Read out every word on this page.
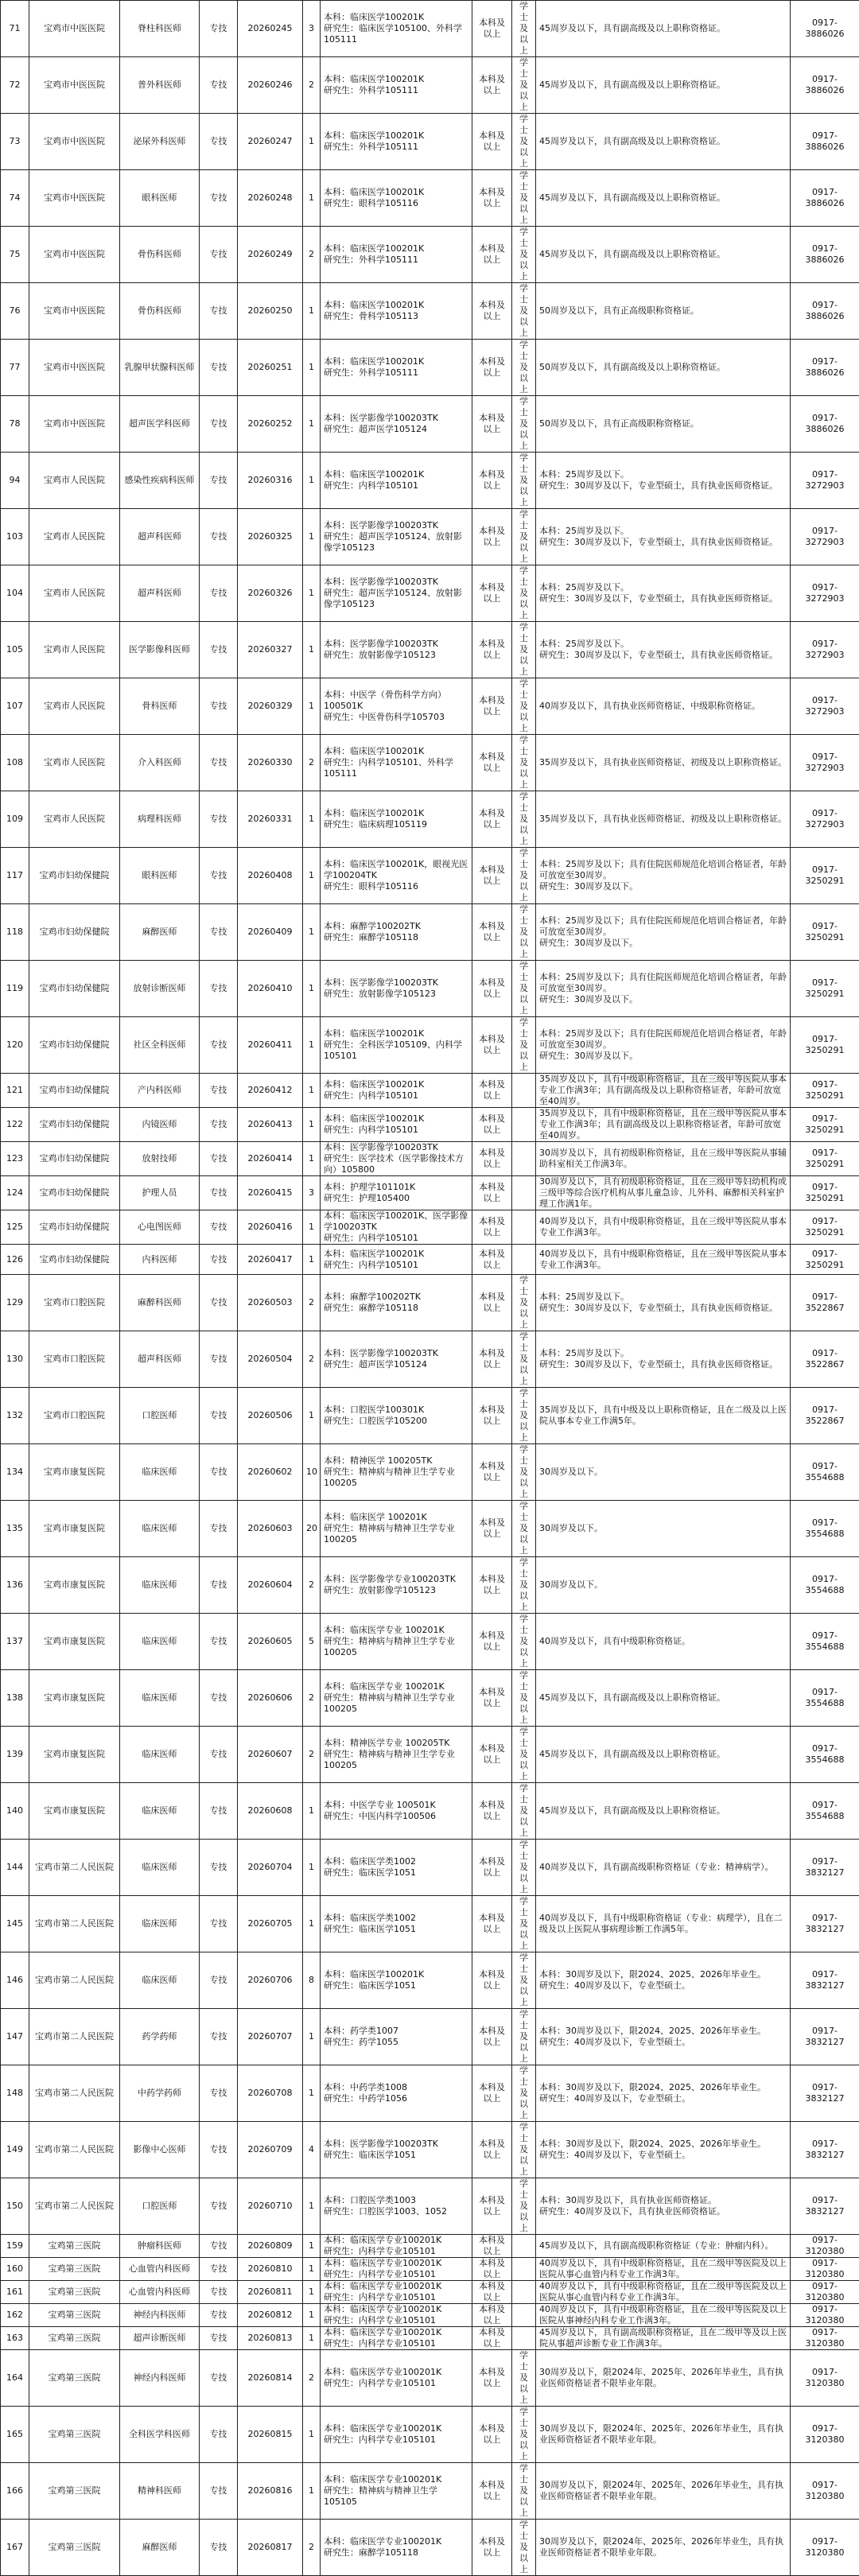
71	宝鸡市中医医院	脊柱科医师	专技	20260245	3	本科：临床医学100201K
研究生：临床医学105100、外科学105111	本科及以上	学士及以上	45周岁及以下，具有副高级及以上职称资格证。	0917-3886026
72	宝鸡市中医医院	普外科医师	专技	20260246	2	本科：临床医学100201K
研究生：外科学105111	本科及以上	学士及以上	45周岁及以下，具有副高级及以上职称资格证。	0917-3886026
73	宝鸡市中医医院	泌尿外科医师	专技	20260247	1	本科：临床医学100201K
研究生：外科学105111	本科及以上	学士及以上	45周岁及以下，具有副高级及以上职称资格证。	0917-3886026
74	宝鸡市中医医院	眼科医师	专技	20260248	1	本科：临床医学100201K
研究生：眼科学105116	本科及以上	学士及以上	45周岁及以下，具有副高级及以上职称资格证。	0917-3886026
75	宝鸡市中医医院	骨伤科医师	专技	20260249	2	本科：临床医学100201K
研究生：外科学105111	本科及以上	学士及以上	45周岁及以下，具有副高级及以上职称资格证。	0917-3886026
76	宝鸡市中医医院	骨伤科医师	专技	20260250	1	本科：临床医学100201K
研究生：骨科学105113	本科及以上	学士及以上	50周岁及以下，具有正高级职称资格证。	0917-3886026
77	宝鸡市中医医院	乳腺甲状腺科医师	专技	20260251	1	本科：临床医学100201K
研究生：外科学105111	本科及以上	学士及以上	50周岁及以下，具有副高级及以上职称资格证。	0917-3886026
78	宝鸡市中医医院	超声医学科医师	专技	20260252	1	本科：医学影像学100203TK
研究生：超声医学105124	本科及以上	学士及以上	50周岁及以下，具有正高级职称资格证。	0917-3886026
94	宝鸡市人民医院	感染性疾病科医师	专技	20260316	1	本科：临床医学100201K
研究生：内科学105101	本科及以上	学士及以上	本科：25周岁及以下。
研究生：30周岁及以下，专业型硕士，具有执业医师资格证。	0917-3272903
103	宝鸡市人民医院	超声科医师	专技	20260325	1	本科：医学影像学100203TK
研究生：超声医学105124、放射影像学105123	本科及以上	学士及以上	本科：25周岁及以下。
研究生：30周岁及以下，专业型硕士，具有执业医师资格证。	0917-3272903
104	宝鸡市人民医院	超声科医师	专技	20260326	1	本科：医学影像学100203TK
研究生：超声医学105124、放射影像学105123	本科及以上	学士及以上	本科：25周岁及以下。
研究生：30周岁及以下，专业型硕士，具有执业医师资格证。	0917-3272903
105	宝鸡市人民医院	医学影像科医师	专技	20260327	1	本科：医学影像学100203TK
研究生：放射影像学105123	本科及以上	学士及以上	本科：25周岁及以下。
研究生：30周岁及以下，专业型硕士，具有执业医师资格证。	0917-3272903
107	宝鸡市人民医院	骨科医师	专技	20260329	1	本科：中医学（骨伤科学方向）100501K
研究生：中医骨伤科学105703	本科及以上	学士及以上	40周岁及以下，具有执业医师资格证、中级职称资格证。	0917-3272903
108	宝鸡市人民医院	介入科医师	专技	20260330	2	本科：临床医学100201K
研究生：内科学105101、外科学105111	本科及以上	学士及以上	35周岁及以下，具有执业医师资格证、初级及以上职称资格证。	0917-3272903
109	宝鸡市人民医院	病理科医师	专技	20260331	1	本科：临床医学100201K
研究生：临床病理105119	本科及以上	学士及以上	35周岁及以下，具有执业医师资格证、初级及以上职称资格证。	0917-3272903
117	宝鸡市妇幼保健院	眼科医师	专技	20260408	1	本科：临床医学100201K，眼视光医学100204TK
研究生：眼科学105116	本科及以上	学士及以上	本科：25周岁及以下；具有住院医师规范化培训合格证者，年龄可放宽至30周岁。
研究生：30周岁及以下。	0917-3250291
118	宝鸡市妇幼保健院	麻醉医师	专技	20260409	1	本科：麻醉学100202TK
研究生：麻醉学105118	本科及以上	学士及以上	本科：25周岁及以下；具有住院医师规范化培训合格证者，年龄可放宽至30周岁。
研究生：30周岁及以下。	0917-3250291
119	宝鸡市妇幼保健院	放射诊断医师	专技	20260410	1	本科：医学影像学100203TK
研究生：放射影像学105123	本科及以上	学士及以上	本科：25周岁及以下；具有住院医师规范化培训合格证者，年龄可放宽至30周岁。
研究生：30周岁及以下。	0917-3250291
120	宝鸡市妇幼保健院	社区全科医师	专技	20260411	1	本科：临床医学100201K
研究生：全科医学105109、内科学105101	本科及以上	学士及以上	本科：25周岁及以下；具有住院医师规范化培训合格证者，年龄可放宽至30周岁。
研究生：30周岁及以下。	0917-3250291
121	宝鸡市妇幼保健院	产内科医师	专技	20260412	1	本科：临床医学100201K
研究生：内科学105101	本科及以上		35周岁及以下，具有中级职称资格证，且在三级甲等医院从事本专业工作满3年；具有副高级及以上职称资格证者，年龄可放宽至40周岁。	0917-3250291
122	宝鸡市妇幼保健院	内镜医师	专技	20260413	1	本科：临床医学100201K
研究生：内科学105101	本科及以上		35周岁及以下，具有中级职称资格证，且在三级甲等医院从事本专业工作满3年；具有副高级及以上职称资格证者，年龄可放宽至40周岁。	0917-3250291
123	宝鸡市妇幼保健院	放射技师	专技	20260414	1	本科：医学影像学100203TK
研究生：医学技术（医学影像技术方向）105800	本科及以上		30周岁及以下，具有初级职称资格证，且在三级甲等医院从事辅助科室相关工作满3年。	0917-3250291
124	宝鸡市妇幼保健院	护理人员	专技	20260415	3	本科：护理学101101K
研究生：护理105400	本科及以上		30周岁及以下，具有初级职称资格证，且在三级甲等妇幼机构或三级甲等综合医疗机构从事儿童急诊、儿外科、麻醉相关科室护理工作满1年。	0917-3250291
125	宝鸡市妇幼保健院	心电图医师	专技	20260416	1	本科：临床医学100201K、医学影像学100203TK
研究生：内科学105101	本科及以上		40周岁及以下，具有中级职称资格证，且在三级甲等医院从事本专业工作满3年。	0917-3250291
126	宝鸡市妇幼保健院	内科医师	专技	20260417	1	本科：临床医学100201K
研究生：内科学105101	本科及以上		40周岁及以下，具有中级职称资格证，且在三级甲等医院从事本专业工作满3年。	0917-3250291
129	宝鸡市口腔医院	麻醉科医师	专技	20260503	2	本科：麻醉学100202TK
研究生：麻醉学105118	本科及以上	学士及以上	本科：25周岁及以下。
研究生：30周岁及以下，专业型硕士，具有执业医师资格证。	0917-3522867
130	宝鸡市口腔医院	超声科医师	专技	20260504	2	本科：医学影像学100203TK
研究生：超声医学105124	本科及以上	学士及以上	本科：25周岁及以下。
研究生：30周岁及以下，专业型硕士，具有执业医师资格证。	0917-3522867
132	宝鸡市口腔医院	口腔医师	专技	20260506	1	本科：口腔医学100301K
研究生：口腔医学105200	本科及以上	学士及以上	35周岁及以下，具有中级及以上职称资格证，且在二级及以上医院从事本专业工作满5年。	0917-3522867
134	宝鸡市康复医院	临床医师	专技	20260602	10	本科：精神医学 100205TK
研究生：精神病与精神卫生学专业100205	本科及以上	学士及以上	30周岁及以下。	0917-3554688
135	宝鸡市康复医院	临床医师	专技	20260603	20	本科：临床医学 100201K
研究生：精神病与精神卫生学专业100205	本科及以上	学士及以上	30周岁及以下。	0917-3554688
136	宝鸡市康复医院	临床医师	专技	20260604	2	本科：医学影像学专业100203TK
研究生：放射影像学105123	本科及以上	学士及以上	30周岁及以下。	0917-3554688
137	宝鸡市康复医院	临床医师	专技	20260605	5	本科：临床医学专业 100201K
研究生：精神病与精神卫生学专业100205	本科及以上	学士及以上	40周岁及以下，具有中级职称资格证。	0917-3554688
138	宝鸡市康复医院	临床医师	专技	20260606	2	本科：临床医学专业 100201K
研究生：精神病与精神卫生学专业100205	本科及以上	学士及以上	45周岁及以下，具有副高级及以上职称资格证。	0917-3554688
139	宝鸡市康复医院	临床医师	专技	20260607	2	本科：精神医学专业 100205TK
研究生：精神病与精神卫生学专业100205	本科及以上	学士及以上	45周岁及以下，具有副高级及以上职称资格证。	0917-3554688
140	宝鸡市康复医院	临床医师	专技	20260608	1	本科：中医学专业 100501K
研究生：中医内科学100506	本科及以上	学士及以上	45周岁及以下，具有副高级及以上职称资格证。	0917-3554688
144	宝鸡市第二人民医院	临床医师	专技	20260704	1	本科：临床医学类1002
研究生：临床医学1051	本科及以上	学士及以上	40周岁及以下，具有副高级职称资格证（专业：精神病学）。	0917-3832127
145	宝鸡市第二人民医院	临床医师	专技	20260705	1	本科：临床医学类1002
研究生：临床医学1051	本科及以上	学士及以上	40周岁及以下，具有中级职称资格证（专业：病理学），且在二级及以上医院从事病理诊断工作满5年。	0917-3832127
146	宝鸡市第二人民医院	临床医师	专技	20260706	8	本科：临床医学100201K
研究生：临床医学1051	本科及以上	学士及以上	本科：30周岁及以下，限2024、2025、2026年毕业生。
研究生：40周岁及以下，专业型硕士。	0917-3832127
147	宝鸡市第二人民医院	药学药师	专技	20260707	1	本科：药学类1007
研究生：药学1055	本科及以上	学士及以上	本科：30周岁及以下，限2024、2025、2026年毕业生。
研究生：40周岁及以下，专业型硕士。	0917-3832127
148	宝鸡市第二人民医院	中药学药师	专技	20260708	1	本科：中药学类1008
研究生：中药学1056	本科及以上	学士及以上	本科：30周岁及以下，限2024、2025、2026年毕业生。
研究生：40周岁及以下，专业型硕士。	0917-3832127
149	宝鸡市第二人民医院	影像中心医师	专技	20260709	4	本科：医学影像学100203TK
研究生：临床医学1051	本科及以上	学士及以上	本科：30周岁及以下，限2024、2025、2026年毕业生。
研究生：40周岁及以下，专业型硕士。	0917-3832127
150	宝鸡市第二人民医院	口腔医师	专技	20260710	1	本科：口腔医学类1003
研究生：口腔医学1003、1052	本科及以上	学士及以上	本科：30周岁及以下，具有执业医师资格证。
研究生：40周岁及以下，具有执业医师资格证。	0917-3832127
159	宝鸡第三医院	肿瘤科医师	专技	20260809	1	本科：临床医学专业100201K
研究生：内科学专业105101	本科及以上		45周岁及以下，具有副高级职称资格证（专业：肿瘤内科）。	0917-3120380
160	宝鸡第三医院	心血管内科医师	专技	20260810	1	本科：临床医学专业100201K
研究生：内科学专业105101	本科及以上		40周岁及以下，具有中级职称资格证，且在二级甲等医院及以上医院从事心血管内科专业工作满3年。	0917-3120380
161	宝鸡第三医院	心血管内科医师	专技	20260811	1	本科：临床医学专业100201K
研究生：内科学专业105101	本科及以上		40周岁及以下，具有中级职称资格证，且在二级甲等医院及以上医院从事心血管内科专业工作满3年。	0917-3120380
162	宝鸡第三医院	神经内科医师	专技	20260812	1	本科：临床医学专业100201K
研究生：内科学专业105101	本科及以上		40周岁及以下，具有中级职称资格证，且在二级甲等医院及以上医院从事神经内科专业工作满3年。	0917-3120380
163	宝鸡第三医院	超声诊断医师	专技	20260813	1	本科：临床医学专业100201K
研究生：内科学专业105101	本科及以上		45周岁及以下，具有副高级职称资格证，且在二级甲等及以上医院从事超声诊断专业工作满3年。	0917-3120380
164	宝鸡第三医院	神经内科医师	专技	20260814	2	本科：临床医学专业100201K
研究生：内科学专业105101	本科及以上	学士及以上	30周岁及以下，限2024年、2025年、2026年毕业生，具有执业医师资格证者不限毕业年限。	0917-3120380
165	宝鸡第三医院	全科医学科医师	专技	20260815	1	本科：临床医学专业100201K
研究生：内科学专业105101	本科及以上	学士及以上	30周岁及以下，限2024年、2025年、2026年毕业生，具有执业医师资格证者不限毕业年限。	0917-3120380
166	宝鸡第三医院	精神科医师	专技	20260816	1	本科：临床医学专业100201K
研究生：精神病与精神卫生学105105	本科及以上	学士及以上	30周岁及以下，限2024年、2025年、2026年毕业生，具有执业医师资格证者不限毕业年限。	0917-3120380
167	宝鸡第三医院	麻醉医师	专技	20260817	2	本科：临床医学专业100201K
研究生：麻醉学105118	本科及以上	学士及以上	30周岁及以下，限2024年、2025年、2026年毕业生，具有执业医师资格证者不限毕业年限。	0917-3120380
